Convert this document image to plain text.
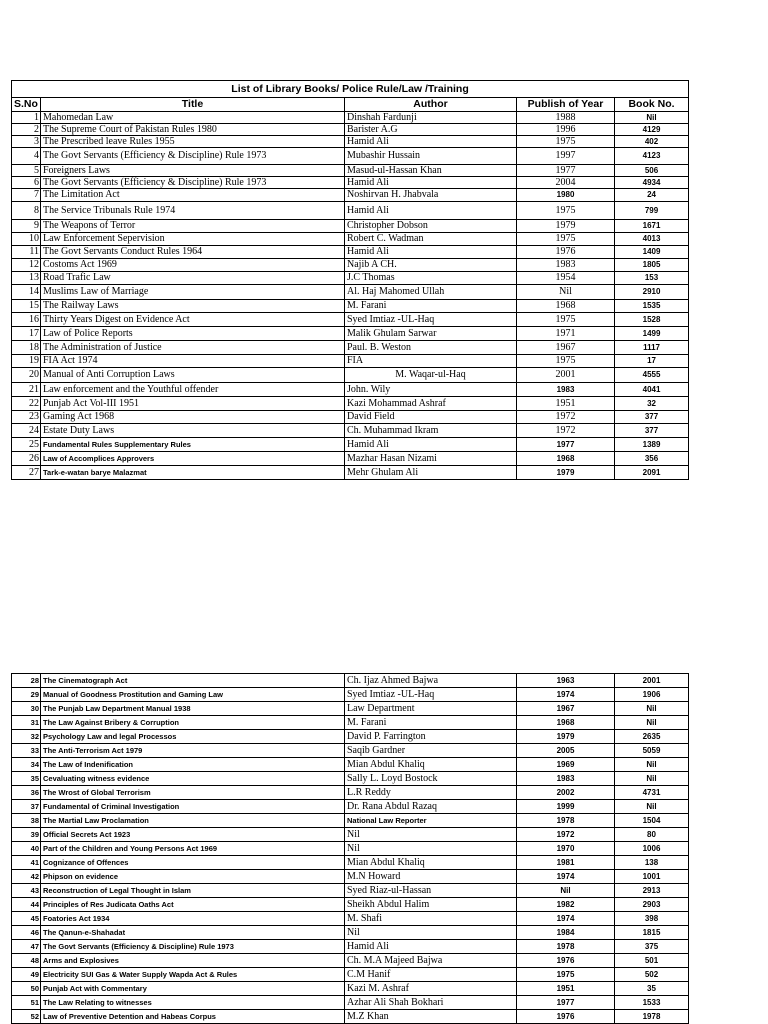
List of Library Books/ Police Rule/Law /Training				
S.No	Title	Author	Publish of Year	Book No.
1	Mahomedan Law	Dinshah Fardunji	1988	Nil
2	The Supreme Court of Pakistan Rules 1980	Barister A.G	1996	4129
3	The Prescribed leave Rules 1955	Hamid Ali	1975	402
4	The Govt Servants (Efficiency & Discipline) Rule 1973	Mubashir Hussain	1997	4123
5	Foreigners Laws	Masud-ul-Hassan Khan	1977	506
6	The Govt Servants (Efficiency & Discipline) Rule 1973	Hamid Ali	2004	4934
7	The Limitation Act	Noshirvan H. Jhabvala	1980	24
8	The Service Tribunals Rule 1974	Hamid Ali	1975	799
9	The Weapons of Terror	Christopher Dobson	1979	1671
10	Law Enforcement Sepervision	Robert C. Wadman	1975	4013
11	The Govt Servants Conduct Rules 1964	Hamid Ali	1976	1409
12	Costoms Act 1969	Najib A CH.	1983	1805
13	Road Trafic Law	J.C Thomas	1954	153
14	Muslims Law of Marriage	Al. Haj Mahomed Ullah	Nil	2910
15	The Railway Laws	M. Farani	1968	1535
16	Thirty Years Digest on Evidence Act	Syed Imtiaz -UL-Haq	1975	1528
17	Law of Police Reports	Malik Ghulam Sarwar	1971	1499
18	The Administration of Justice	Paul. B. Weston	1967	1117
19	FIA Act 1974	FIA	1975	17
20	Manual of Anti Corruption Laws	M. Waqar-ul-Haq	2001	4555
21	Law enforcement and the Youthful offender	John. Wily	1983	4041
22	Punjab Act Vol-III 1951	Kazi Mohammad Ashraf	1951	32
23	Gaming Act 1968	David Field	1972	377
24	Estate Duty Laws	Ch. Muhammad Ikram	1972	377
25	Fundamental Rules Supplementary Rules	Hamid Ali	1977	1389
26	Law of Accomplices Approvers	Mazhar Hasan Nizami	1968	356
27	Tark-e-watan barye Malazmat	Mehr Ghulam Ali	1979	2091
28	The Cinematograph Act	Ch. Ijaz Ahmed Bajwa	1963	2001
29	Manual of Goodness Prostitution and Gaming Law	Syed Imtiaz -UL-Haq	1974	1906
30	The Punjab Law Department Manual 1938	Law Department	1967	Nil
31	The Law Against Bribery & Corruption	M. Farani	1968	Nil
32	Psychology Law and legal Processos	David P. Farrington	1979	2635
33	The Anti-Terrorism Act 1979	Saqib Gardner	2005	5059
34	The Law of Indenification	Mian Abdul Khaliq	1969	Nil
35	Cevaluating witness evidence	Sally L. Loyd Bostock	1983	Nil
36	The Wrost of Global Terrorism	L.R Reddy	2002	4731
37	Fundamental of Criminal Investigation	Dr. Rana Abdul Razaq	1999	Nil
38	The Martial Law Proclamation	National Law Reporter	1978	1504
39	Official Secrets Act 1923	Nil	1972	80
40	Part of the Children and Young Persons Act 1969	Nil	1970	1006
41	Cognizance of Offences	Mian Abdul Khaliq	1981	138
42	Phipson on evidence	M.N Howard	1974	1001
43	Reconstruction of Legal Thought in Islam	Syed Riaz-ul-Hassan	Nil	2913
44	Principles of Res Judicata Oaths Act	Sheikh Abdul Halim	1982	2903
45	Foatories Act 1934	M. Shafi	1974	398
46	The Qanun-e-Shahadat	Nil	1984	1815
47	The Govt Servants (Efficiency & Discipline) Rule 1973	Hamid Ali	1978	375
48	Arms and Explosives	Ch. M.A Majeed Bajwa	1976	501
49	Electricity SUI Gas & Water Supply Wapda Act & Rules	C.M Hanif	1975	502
50	Punjab Act with Commentary	Kazi M. Ashraf	1951	35
51	The Law Relating to witnesses	Azhar Ali Shah Bokhari	1977	1533
52	Law of Preventive Detention and Habeas Corpus	M.Z Khan	1976	1978
